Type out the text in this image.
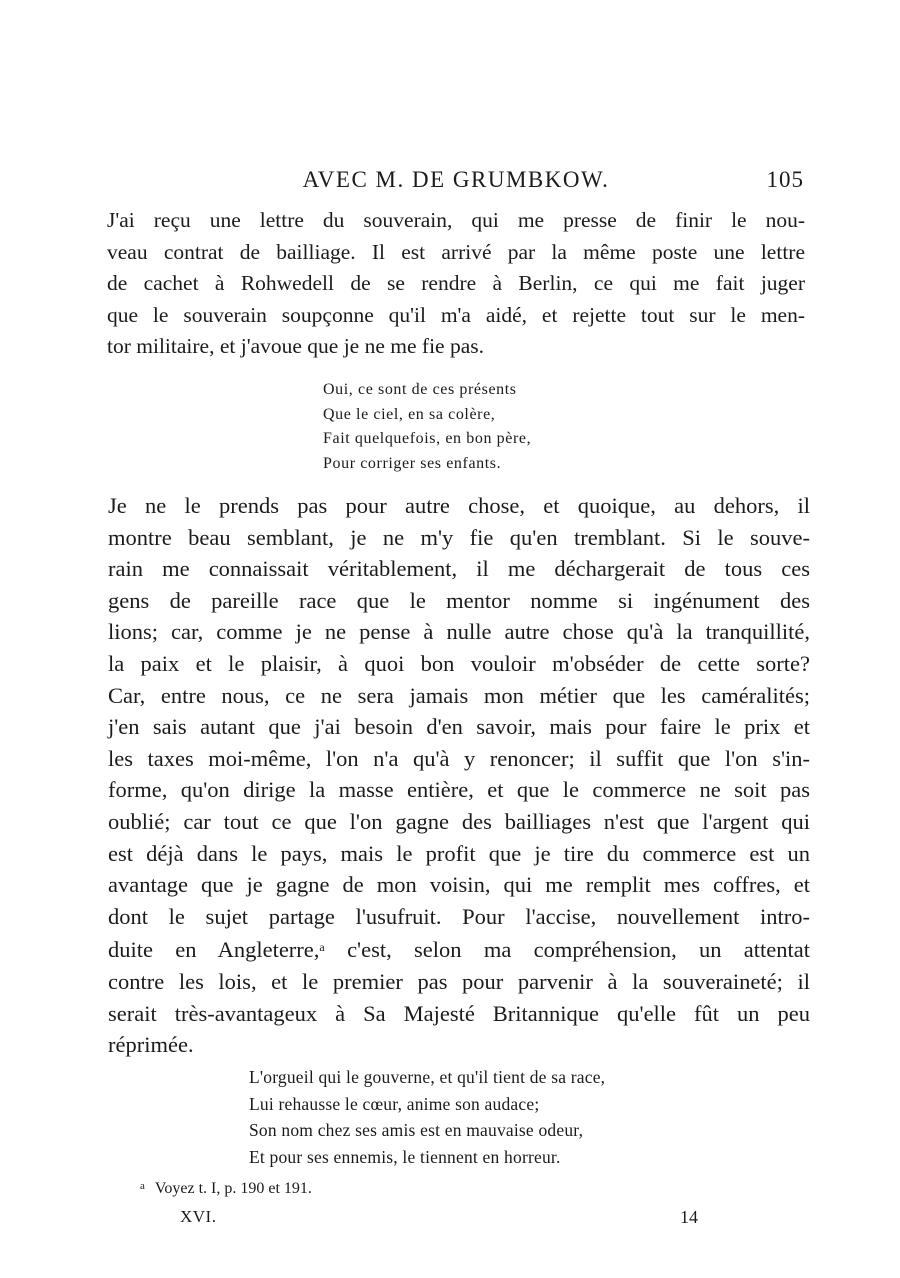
AVEC M. DE GRUMBKOW.	105
J'ai reçu une lettre du souverain, qui me presse de finir le nou-
veau contrat de bailliage. Il est arrivé par la même poste une lettre
de cachet à Rohwedell de se rendre à Berlin, ce qui me fait juger
que le souverain soupçonne qu'il m'a aidé, et rejette tout sur le men-
tor militaire, et j'avoue que je ne me fie pas.
Oui, ce sont de ces présents
Que le ciel, en sa colère,
Fait quelquefois, en bon père,
Pour corriger ses enfants.
Je ne le prends pas pour autre chose, et quoique, au dehors, il
montre beau semblant, je ne m'y fie qu'en tremblant. Si le souve-
rain me connaissait véritablement, il me déchargerait de tous ces
gens de pareille race que le mentor nomme si ingénument des
lions; car, comme je ne pense à nulle autre chose qu'à la tranquillité,
la paix et le plaisir, à quoi bon vouloir m'obséder de cette sorte?
Car, entre nous, ce ne sera jamais mon métier que les caméralités;
j'en sais autant que j'ai besoin d'en savoir, mais pour faire le prix et
les taxes moi-même, l'on n'a qu'à y renoncer; il suffit que l'on s'in-
forme, qu'on dirige la masse entière, et que le commerce ne soit pas
oublié; car tout ce que l'on gagne des bailliages n'est que l'argent qui
est déjà dans le pays, mais le profit que je tire du commerce est un
avantage que je gagne de mon voisin, qui me remplit mes coffres, et
dont le sujet partage l'usufruit. Pour l'accise, nouvellement intro-
duite en Angleterre,$^a$ c'est, selon ma compréhension, un attentat
contre les lois, et le premier pas pour parvenir à la souveraineté; il
serait très-avantageux à Sa Majesté Britannique qu'elle fût un peu
réprimée.
L'orgueil qui le gouverne, et qu'il tient de sa race,
Lui rehausse le cœur, anime son audace;
Son nom chez ses amis est en mauvaise odeur,
Et pour ses ennemis, le tiennent en horreur.
$^a$ Voyez t. I, p. 190 et 191.
XVI.	14
